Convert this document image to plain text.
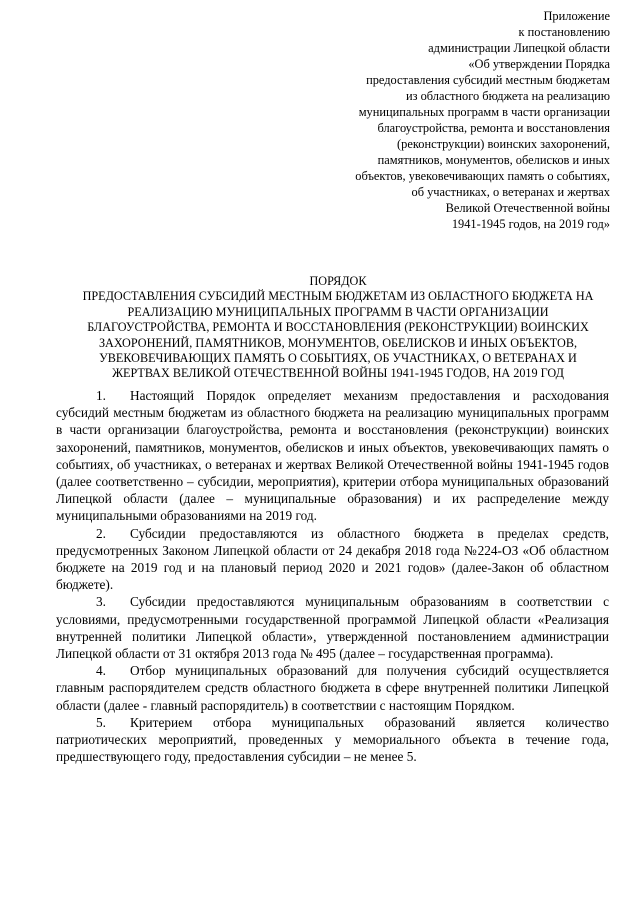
Приложение
к постановлению
администрации Липецкой области
«Об утверждении Порядка
предоставления субсидий местным бюджетам
из областного бюджета на реализацию
муниципальных программ в части организации
благоустройства, ремонта и восстановления
(реконструкции) воинских захоронений,
памятников, монументов, обелисков и иных
объектов, увековечивающих память о событиях,
об участниках, о ветеранах и жертвах
Великой Отечественной войны
1941-1945 годов, на 2019 год»
ПОРЯДОК
ПРЕДОСТАВЛЕНИЯ СУБСИДИЙ МЕСТНЫМ БЮДЖЕТАМ ИЗ ОБЛАСТНОГО БЮДЖЕТА НА
РЕАЛИЗАЦИЮ МУНИЦИПАЛЬНЫХ ПРОГРАММ В ЧАСТИ ОРГАНИЗАЦИИ
БЛАГОУСТРОЙСТВА, РЕМОНТА И ВОССТАНОВЛЕНИЯ (РЕКОНСТРУКЦИИ) ВОИНСКИХ
ЗАХОРОНЕНИЙ, ПАМЯТНИКОВ, МОНУМЕНТОВ, ОБЕЛИСКОВ И ИНЫХ ОБЪЕКТОВ,
УВЕКОВЕЧИВАЮЩИХ ПАМЯТЬ О СОБЫТИЯХ, ОБ УЧАСТНИКАХ, О ВЕТЕРАНАХ И
ЖЕРТВАХ ВЕЛИКОЙ ОТЕЧЕСТВЕННОЙ ВОЙНЫ 1941-1945 ГОДОВ, НА 2019 ГОД

1. Настоящий Порядок определяет механизм предоставления и расходования субсидий местным бюджетам из областного бюджета на реализацию муниципальных программ в части организации благоустройства, ремонта и восстановления (реконструкции) воинских захоронений, памятников, монументов, обелисков и иных объектов, увековечивающих память о событиях, об участниках, о ветеранах и жертвах Великой Отечественной войны 1941-1945 годов (далее соответственно – субсидии, мероприятия), критерии отбора муниципальных образований Липецкой области (далее – муниципальные образования) и их распределение между муниципальными образованиями на 2019 год.

2. Субсидии предоставляются из областного бюджета в пределах средств, предусмотренных Законом Липецкой области от 24 декабря 2018 года №224-ОЗ «Об областном бюджете на 2019 год и на плановый период 2020 и 2021 годов» (далее-Закон об областном бюджете).

3. Субсидии предоставляются муниципальным образованиям в соответствии с условиями, предусмотренными государственной программой Липецкой области «Реализация внутренней политики Липецкой области», утвержденной постановлением администрации Липецкой области от 31 октября 2013 года № 495 (далее – государственная программа).

4. Отбор муниципальных образований для получения субсидий осуществляется главным распорядителем средств областного бюджета в сфере внутренней политики Липецкой области (далее - главный распорядитель) в соответствии с настоящим Порядком.

5. Критерием отбора муниципальных образований является количество патриотических мероприятий, проведенных у мемориального объекта в течение года, предшествующего году, предоставления субсидии – не менее 5.
